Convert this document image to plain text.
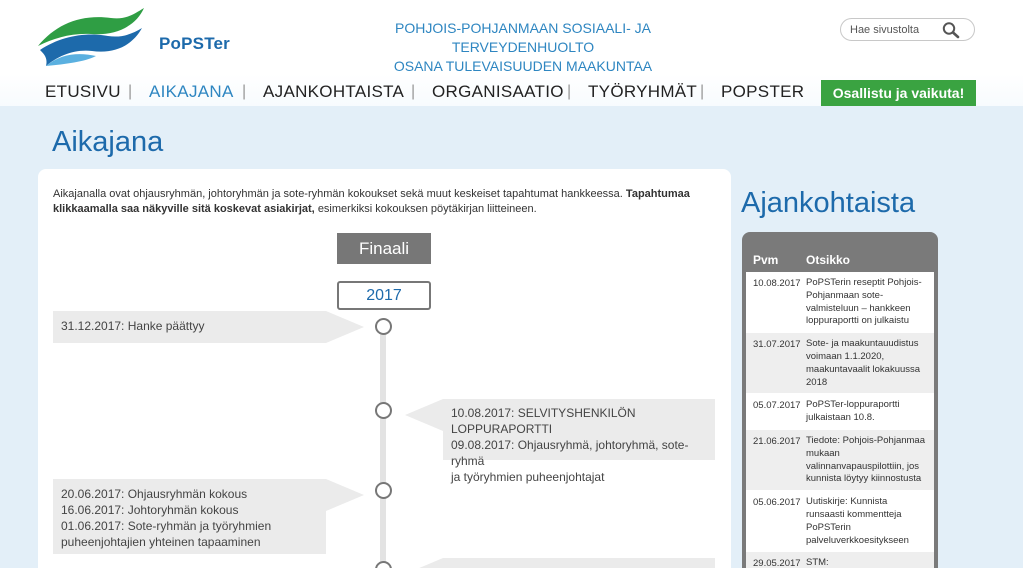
PoPSTer
POHJOIS-POHJANMAAN SOSIAALI- JA TERVEYDENHUOLTO
OSANA TULEVAISUUDEN MAAKUNTAA
Hae sivustolta
ETUSIVU | AIKAJANA | AJANKOHTAISTA | ORGANISAATIO | TYÖRYHMÄT | POPSTER	Osallistu ja vaikuta!
Aikajana

Aikajanalla ovat ohjausryhmän, johtoryhmän ja sote-ryhmän kokoukset sekä muut keskeiset tapahtumat hankkeessa. Tapahtumaa klikkaamalla saa näkyville sitä koskevat asiakirjat, esimerkiksi kokouksen pöytäkirjan liitteineen.

Finaali
2017
31.12.2017: Hanke päättyy
10.08.2017: SELVITYSHENKILÖN LOPPURAPORTTI
09.08.2017: Ohjausryhmä, johtoryhmä, sote-ryhmä
ja työryhmien puheenjohtajat
20.06.2017: Ohjausryhmän kokous
16.06.2017: Johtoryhmän kokous
01.06.2017: Sote-ryhmän ja työryhmien
puheenjohtajien yhteinen tapaaminen
Ajankohtaista
Pvm Otsikko
10.08.2017 PoPSTerin reseptit Pohjois-Pohjanmaan sote-valmisteluun – hankkeen loppuraportti on julkaistu
31.07.2017 Sote- ja maakuntauudistus voimaan 1.1.2020, maakuntavaalit lokakuussa 2018
05.07.2017 PoPSTer-loppuraportti julkaistaan 10.8.
21.06.2017 Tiedote: Pohjois-Pohjanmaa mukaan valinnanvapauspilottiin, jos kunnista löytyy kiinnostusta
05.06.2017 Uutiskirje: Kunnista runsaasti kommentteja PoPSTerin palveluverkkoesitykseen
29.05.2017 STM:
